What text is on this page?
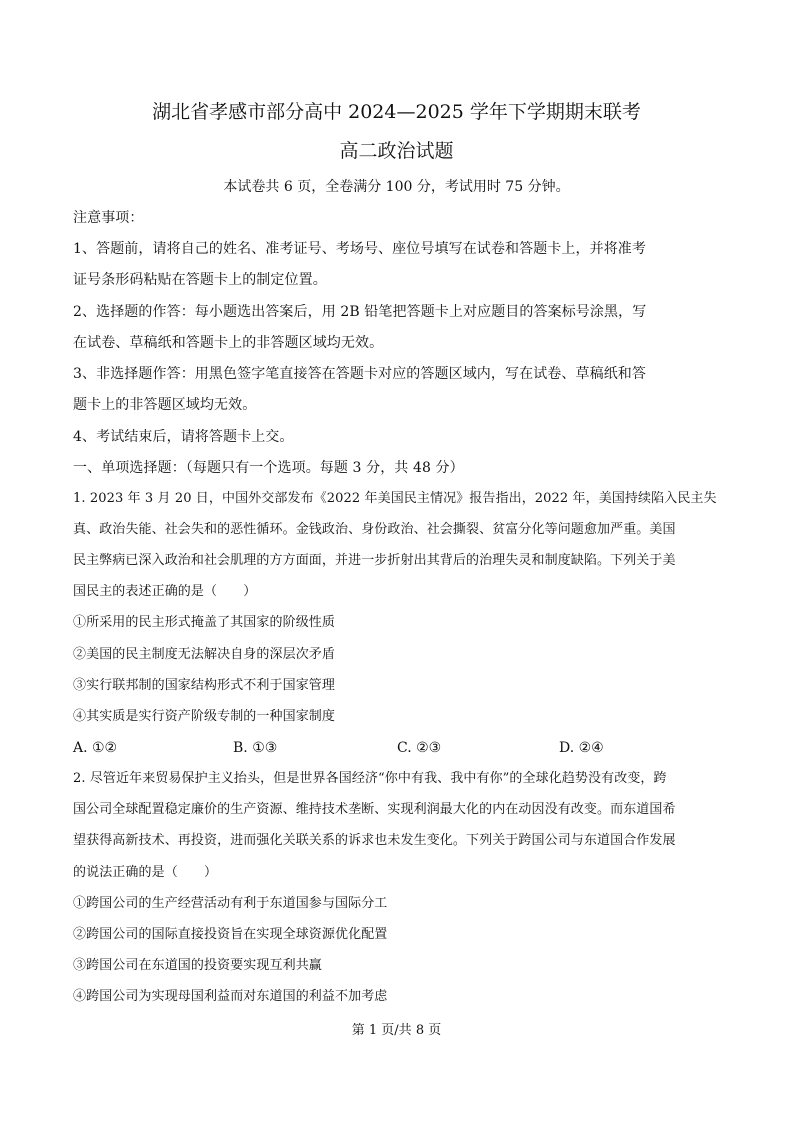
湖北省孝感市部分高中 2024—2025 学年下学期期末联考
高二政治试题
本试卷共 6 页，全卷满分 100 分，考试用时 75 分钟。
注意事项：
1、答题前，请将自己的姓名、准考证号、考场号、座位号填写在试卷和答题卡上，并将准考
证号条形码粘贴在答题卡上的制定位置。
2、选择题的作答：每小题选出答案后，用 2B 铅笔把答题卡上对应题目的答案标号涂黑，写
在试卷、草稿纸和答题卡上的非答题区域均无效。
3、非选择题作答：用黑色签字笔直接答在答题卡对应的答题区域内，写在试卷、草稿纸和答
题卡上的非答题区域均无效。
4、考试结束后，请将答题卡上交。
一、单项选择题：（每题只有一个选项。每题 3 分，共 48 分）
1. 2023 年 3 月 20 日，中国外交部发布《2022 年美国民主情况》报告指出，2022 年，美国持续陷入民主失
真、政治失能、社会失和的恶性循环。金钱政治、身份政治、社会撕裂、贫富分化等问题愈加严重。美国
民主弊病已深入政治和社会肌理的方方面面，并进一步折射出其背后的治理失灵和制度缺陷。下列关于美
国民主的表述正确的是（　　）
①所采用的民主形式掩盖了其国家的阶级性质
②美国的民主制度无法解决自身的深层次矛盾
③实行联邦制的国家结构形式不利于国家管理
④其实质是实行资产阶级专制的一种国家制度
A. ①②	B. ①③	C. ②③	D. ②④
2. 尽管近年来贸易保护主义抬头，但是世界各国经济“你中有我、我中有你”的全球化趋势没有改变，跨
国公司全球配置稳定廉价的生产资源、维持技术垄断、实现利润最大化的内在动因没有改变。而东道国希
望获得高新技术、再投资，进而强化关联关系的诉求也未发生变化。下列关于跨国公司与东道国合作发展
的说法正确的是（　　）
①跨国公司的生产经营活动有利于东道国参与国际分工
②跨国公司的国际直接投资旨在实现全球资源优化配置
③跨国公司在东道国的投资要实现互利共赢
④跨国公司为实现母国利益而对东道国的利益不加考虑
第 1 页/共 8 页
